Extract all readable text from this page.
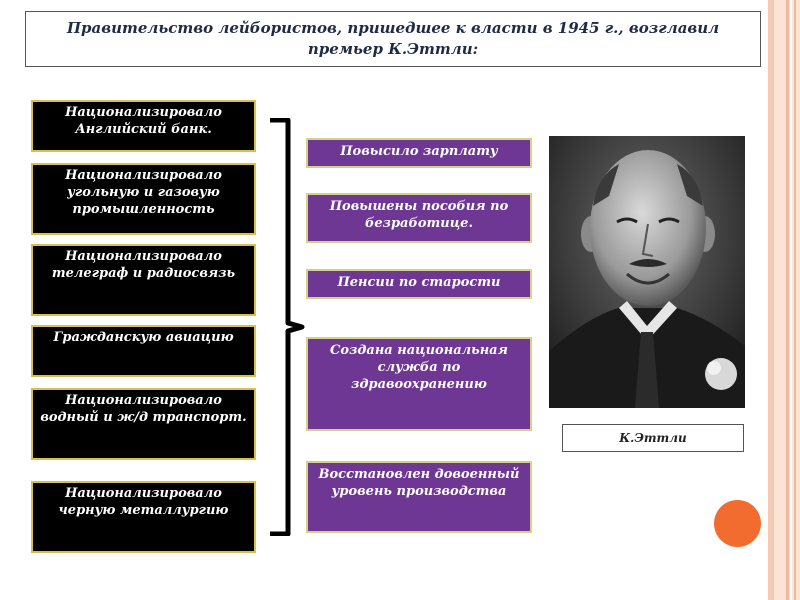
Правительство лейбористов, пришедшее к власти в 1945 г., возглавил премьер К.Эттли:
Национализировало Английский банк.
Национализировало угольную и газовую промышленность
Национализировало телеграф и радиосвязь
Гражданскую авиацию
Национализировало водный и ж/д транспорт.
Национализировало черную металлургию
Повысило зарплату
Повышены пособия по безработице.
Пенсии по старости
Создана национальная служба по здравоохранению
Восстановлен довоенный уровень производства
К.Эттли
